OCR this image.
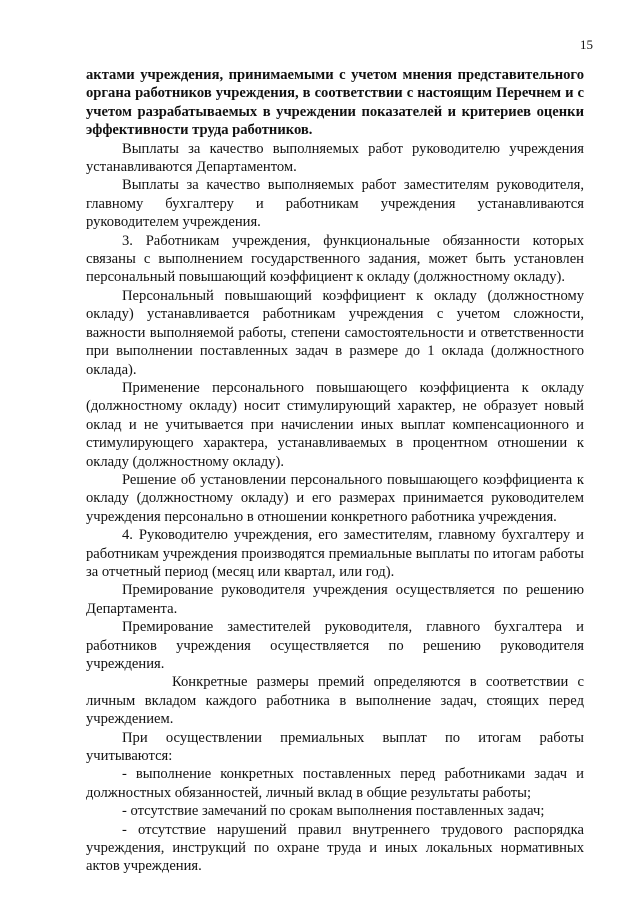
15

актами учреждения, принимаемыми с учетом мнения представительного органа работников учреждения, в соответствии с настоящим Перечнем и с учетом разрабатываемых в учреждении показателей и критериев оценки эффективности труда работников.

Выплаты за качество выполняемых работ руководителю учреждения устанавливаются Департаментом.

Выплаты за качество выполняемых работ заместителям руководителя, главному бухгалтеру и работникам учреждения устанавливаются руководителем учреждения.

3. Работникам учреждения, функциональные обязанности которых связаны с выполнением государственного задания, может быть установлен персональный повышающий коэффициент к окладу (должностному окладу).

Персональный повышающий коэффициент к окладу (должностному окладу) устанавливается работникам учреждения с учетом сложности, важности выполняемой работы, степени самостоятельности и ответственности при выполнении поставленных задач в размере до 1 оклада (должностного оклада).

Применение персонального повышающего коэффициента к окладу (должностному окладу) носит стимулирующий характер, не образует новый оклад и не учитывается при начислении иных выплат компенсационного и стимулирующего характера, устанавливаемых в процентном отношении к окладу (должностному окладу).

Решение об установлении персонального повышающего коэффициента к окладу (должностному окладу) и его размерах принимается руководителем учреждения персонально в отношении конкретного работника учреждения.

4. Руководителю учреждения, его заместителям, главному бухгалтеру и работникам учреждения производятся премиальные выплаты по итогам работы за отчетный период (месяц или квартал, или год).

Премирование руководителя учреждения осуществляется по решению Департамента.

Премирование заместителей руководителя, главного бухгалтера и работников учреждения осуществляется по решению руководителя учреждения.

Конкретные размеры премий определяются в соответствии с личным вкладом каждого работника в выполнение задач, стоящих перед учреждением.

При осуществлении премиальных выплат по итогам работы учитываются:

- выполнение конкретных поставленных перед работниками задач и должностных обязанностей, личный вклад в общие результаты работы;

- отсутствие замечаний по срокам выполнения поставленных задач;

- отсутствие нарушений правил внутреннего трудового распорядка учреждения, инструкций по охране труда и иных локальных нормативных актов учреждения.
